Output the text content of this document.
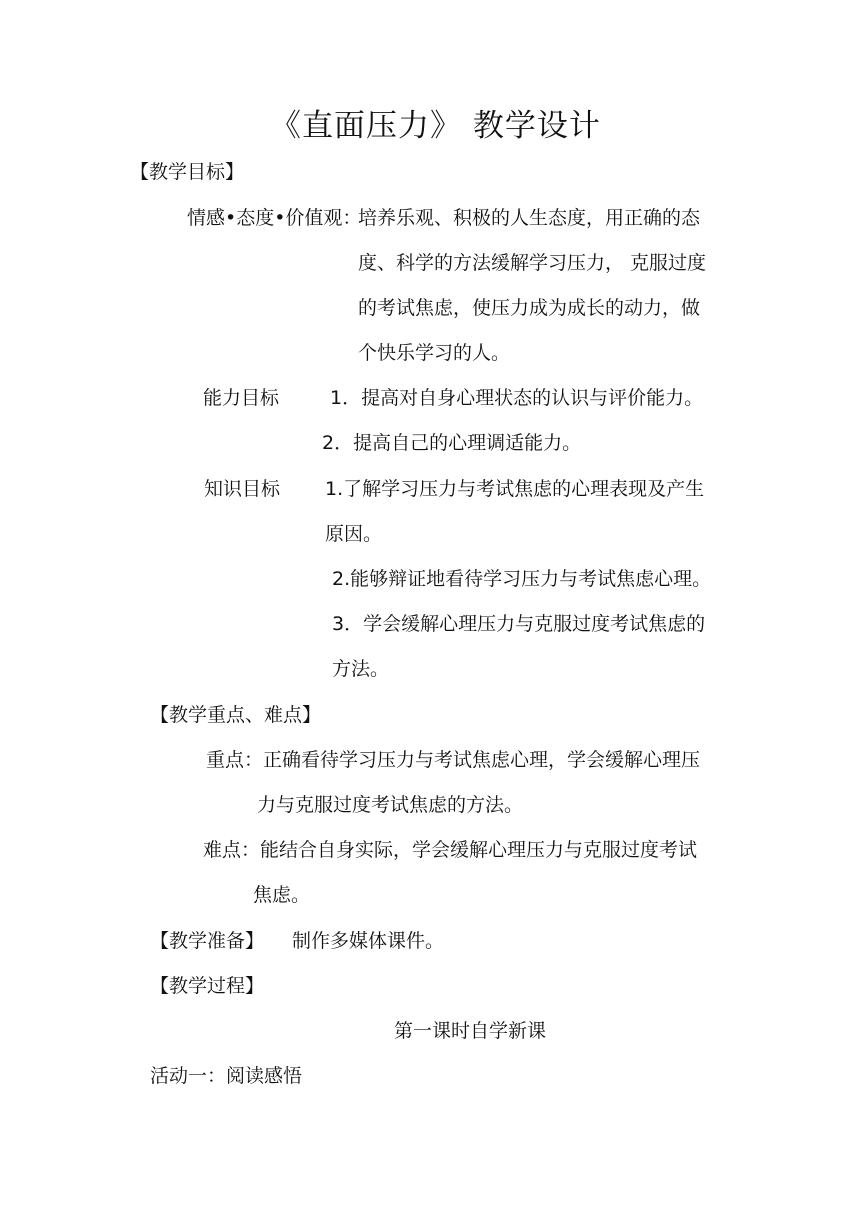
《直面压力》 教学设计
【教学目标】
情感•态度•价值观：
培养乐观、积极的人生态度，用正确的态
度、科学的方法缓解学习压力， 克服过度
的考试焦虑，使压力成为成长的动力，做
个快乐学习的人。
能力目标	1．提高对自身心理状态的认识与评价能力。
2．提高自己的心理调适能力。
知识目标 1.了解学习压力与考试焦虑的心理表现及产生
原因。
2.能够辩证地看待学习压力与考试焦虑心理。
3．学会缓解心理压力与克服过度考试焦虑的
方法。
【教学重点、难点】
重点：正确看待学习压力与考试焦虑心理，学会缓解心理压
力与克服过度考试焦虑的方法。
难点：能结合自身实际，学会缓解心理压力与克服过度考试
焦虑。
【教学准备】 制作多媒体课件。
【教学过程】
第一课时自学新课
活动一：阅读感悟
